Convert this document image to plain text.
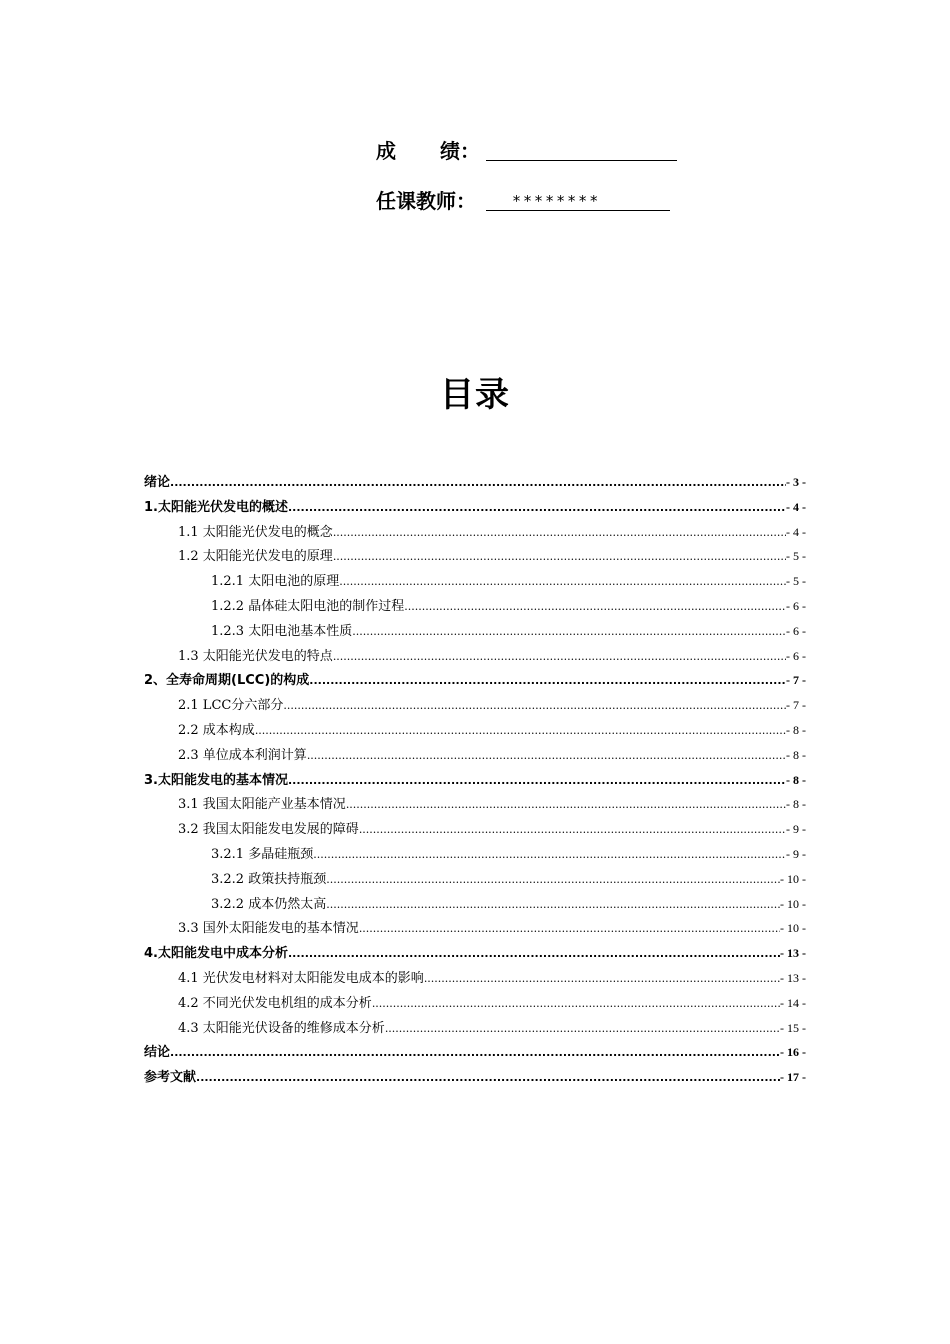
成 绩：
任课教师：	********
目录
绪论 .....	- 3 -
1.太阳能光伏发电的概述 .....	- 4 -
1.1 太阳能光伏发电的概念 .....	- 4 -
1.2 太阳能光伏发电的原理 .....	- 5 -
1.2.1 太阳电池的原理 .....	- 5 -
1.2.2 晶体硅太阳电池的制作过程 .....	- 6 -
1.2.3 太阳电池基本性质 .....	- 6 -
1.3 太阳能光伏发电的特点 .....	- 6 -
2、全寿命周期(LCC)的构成 .....	- 7 -
2.1 LCC分六部分 .....	- 7 -
2.2 成本构成 .....	- 8 -
2.3 单位成本利润计算 .....	- 8 -
3.太阳能发电的基本情况 .....	- 8 -
3.1 我国太阳能产业基本情况 .....	- 8 -
3.2 我国太阳能发电发展的障碍 .....	- 9 -
3.2.1 多晶硅瓶颈 .....	- 9 -
3.2.2 政策扶持瓶颈 .....	- 10 -
3.2.2 成本仍然太高 .....	- 10 -
3.3 国外太阳能发电的基本情况 .....	- 10 -
4.太阳能发电中成本分析 .....	- 13 -
4.1 光伏发电材料对太阳能发电成本的影响 .....	- 13 -
4.2 不同光伏发电机组的成本分析 .....	- 14 -
4.3 太阳能光伏设备的维修成本分析 .....	- 15 -
结论 .....	- 16 -
参考文献 .....	- 17 -
